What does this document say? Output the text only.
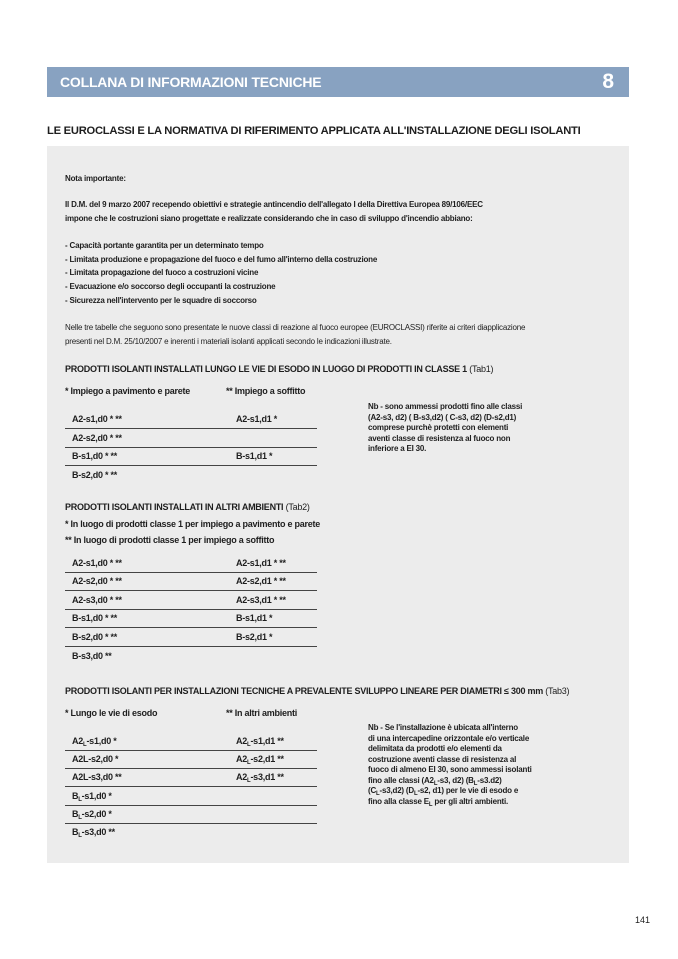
COLLANA DI INFORMAZIONI TECNICHE	8
LE EUROCLASSI E LA NORMATIVA DI RIFERIMENTO APPLICATA ALL'INSTALLAZIONE DEGLI ISOLANTI
Nota importante:
Il D.M. del 9 marzo 2007 recependo obiettivi e strategie antincendio dell'allegato I della Direttiva Europea 89/106/EEC
impone che le costruzioni siano progettate e realizzate considerando che in caso di sviluppo d'incendio abbiano:
- Capacità portante garantita per un determinato tempo
- Limitata produzione e propagazione del fuoco e del fumo all'interno della costruzione
- Limitata propagazione del fuoco a costruzioni vicine
- Evacuazione e/o soccorso degli occupanti la costruzione
- Sicurezza nell'intervento per le squadre di soccorso
Nelle tre tabelle che seguono sono presentate le nuove classi di reazione al fuoco europee (EUROCLASSI) riferite ai criteri diapplicazione
presenti nel D.M. 25/10/2007 e inerenti i materiali isolanti applicati secondo le indicazioni illustrate.
PRODOTTI ISOLANTI INSTALLATI LUNGO LE VIE DI ESODO IN LUOGO DI PRODOTTI IN CLASSE 1 (Tab1)
* Impiego a pavimento e parete	** Impiego a soffitto
A2-s1,d0 * **	A2-s1,d1 *
A2-s2,d0 * **
B-s1,d0 * **	B-s1,d1 *
B-s2,d0 * **
Nb - sono ammessi prodotti fino alle classi
(A2-s3, d2) ( B-s3,d2) ( C-s3, d2) (D-s2,d1)
comprese purchè protetti con elementi
aventi classe di resistenza al fuoco non
inferiore a EI 30.
PRODOTTI ISOLANTI INSTALLATI IN ALTRI AMBIENTI (Tab2)
* In luogo di prodotti classe 1 per impiego a pavimento e parete
** In luogo di prodotti classe 1 per impiego a soffitto
A2-s1,d0 * **	A2-s1,d1 * **
A2-s2,d0 * **	A2-s2,d1 * **
A2-s3,d0 * **	A2-s3,d1 * **
B-s1,d0 * **	B-s1,d1 *
B-s2,d0 * **	B-s2,d1 *
B-s3,d0 **
PRODOTTI ISOLANTI PER INSTALLAZIONI TECNICHE A PREVALENTE SVILUPPO LINEARE PER DIAMETRI ≤ 300 mm (Tab3)
* Lungo le vie di esodo	** In altri ambienti
$A2_L-s1,d0$ *	$A2_L-s1,d1$ **
A2L-s2,d0 *	$A2_L-s2,d1$ **
A2L-s3,d0 **	$A2_L-s3,d1$ **
$B_L-s1,d0$ *
$B_L-s2,d0$ *
$B_L-s3,d0$ **
Nb - Se l'installazione è ubicata all'interno
di una intercapedine orizzontale e/o verticale
delimitata da prodotti e/o elementi da
costruzione aventi classe di resistenza al
fuoco di almeno EI 30, sono ammessi isolanti
fino alle classi ($A2_L-s3$, d2) $(B_L-s3.d2)$
$(C_L-s3,d2)$ ($D_L-s2$, d1) per le vie di esodo e
fino alla classe $E_L$ per gli altri ambienti.
141
